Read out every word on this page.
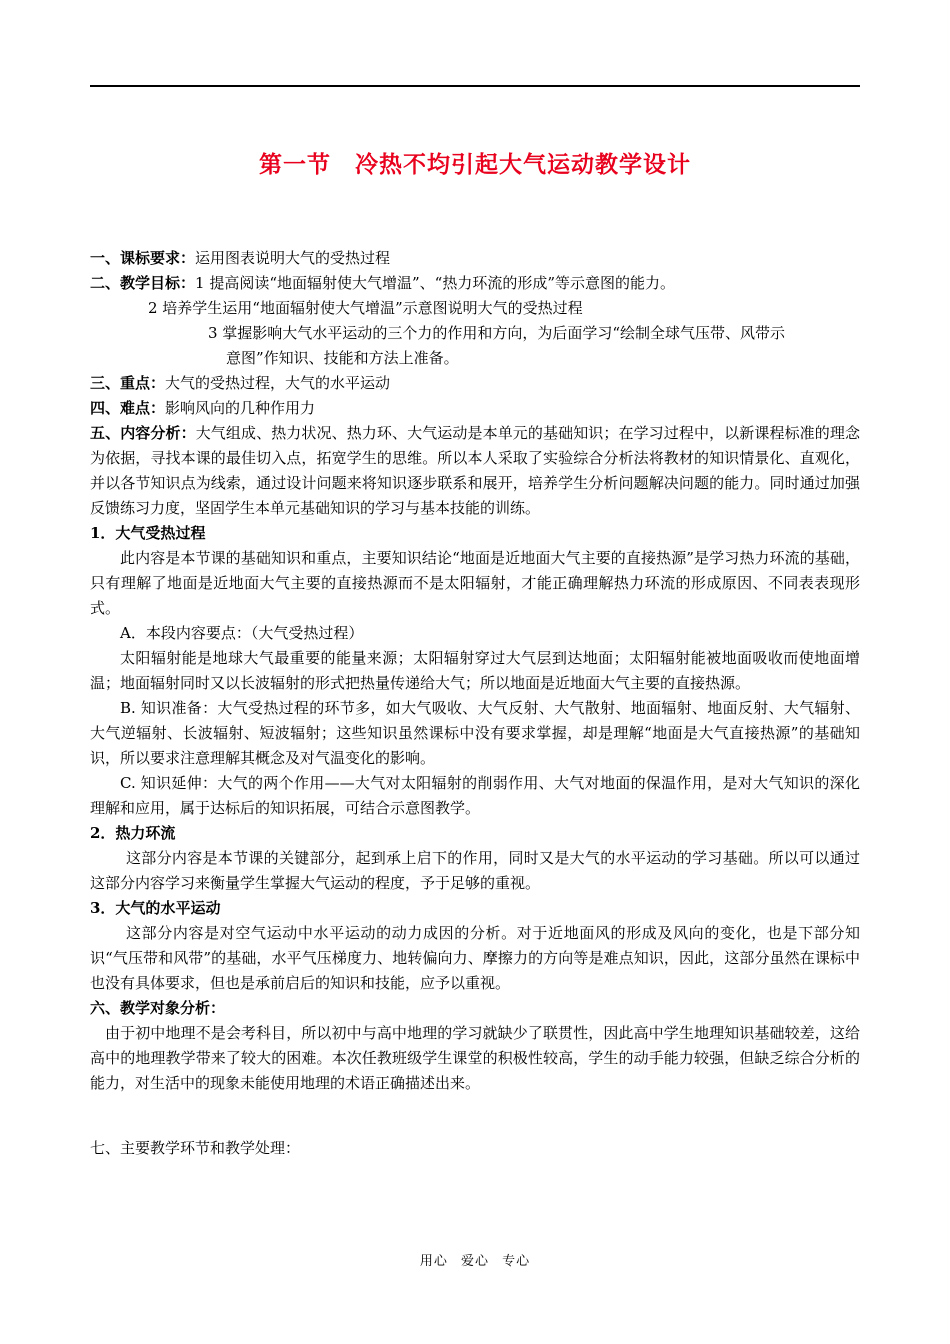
第一节　冷热不均引起大气运动教学设计

一、课标要求：运用图表说明大气的受热过程

二、教学目标：1 提高阅读“地面辐射使大气增温”、“热力环流的形成”等示意图的能力。

2 培养学生运用“地面辐射使大气增温”示意图说明大气的受热过程

3 掌握影响大气水平运动的三个力的作用和方向，为后面学习“绘制全球气压带、风带示

意图”作知识、技能和方法上准备。

三、重点：大气的受热过程，大气的水平运动

四、难点：影响风向的几种作用力

五、内容分析：大气组成、热力状况、热力环、大气运动是本单元的基础知识；在学习过程中，以新课程标准的理念为依据，寻找本课的最佳切入点，拓宽学生的思维。所以本人采取了实验综合分析法将教材的知识情景化、直观化，并以各节知识点为线索，通过设计问题来将知识逐步联系和展开，培养学生分析问题解决问题的能力。同时通过加强反馈练习力度，坚固学生本单元基础知识的学习与基本技能的训练。

1．大气受热过程

此内容是本节课的基础知识和重点，主要知识结论“地面是近地面大气主要的直接热源”是学习热力环流的基础，只有理解了地面是近地面大气主要的直接热源而不是太阳辐射，才能正确理解热力环流的形成原因、不同表表现形式。

A．本段内容要点：（大气受热过程）

太阳辐射能是地球大气最重要的能量来源；太阳辐射穿过大气层到达地面；太阳辐射能被地面吸收而使地面增温；地面辐射同时又以长波辐射的形式把热量传递给大气；所以地面是近地面大气主要的直接热源。

B. 知识准备：大气受热过程的环节多，如大气吸收、大气反射、大气散射、地面辐射、地面反射、大气辐射、大气逆辐射、长波辐射、短波辐射；这些知识虽然课标中没有要求掌握，却是理解“地面是大气直接热源”的基础知识，所以要求注意理解其概念及对气温变化的影响。

C. 知识延伸：大气的两个作用——大气对太阳辐射的削弱作用、大气对地面的保温作用，是对大气知识的深化理解和应用，属于达标后的知识拓展，可结合示意图教学。

2．热力环流

这部分内容是本节课的关键部分，起到承上启下的作用，同时又是大气的水平运动的学习基础。所以可以通过这部分内容学习来衡量学生掌握大气运动的程度，予于足够的重视。

3．大气的水平运动

这部分内容是对空气运动中水平运动的动力成因的分析。对于近地面风的形成及风向的变化，也是下部分知识“气压带和风带”的基础，水平气压梯度力、地转偏向力、摩擦力的方向等是难点知识，因此，这部分虽然在课标中也没有具体要求，但也是承前启后的知识和技能，应予以重视。

六、教学对象分析：

由于初中地理不是会考科目，所以初中与高中地理的学习就缺少了联贯性，因此高中学生地理知识基础较差，这给高中的地理教学带来了较大的困难。本次任教班级学生课堂的积极性较高，学生的动手能力较强，但缺乏综合分析的能力，对生活中的现象未能使用地理的术语正确描述出来。

七、主要教学环节和教学处理：

用心 爱心 专心
